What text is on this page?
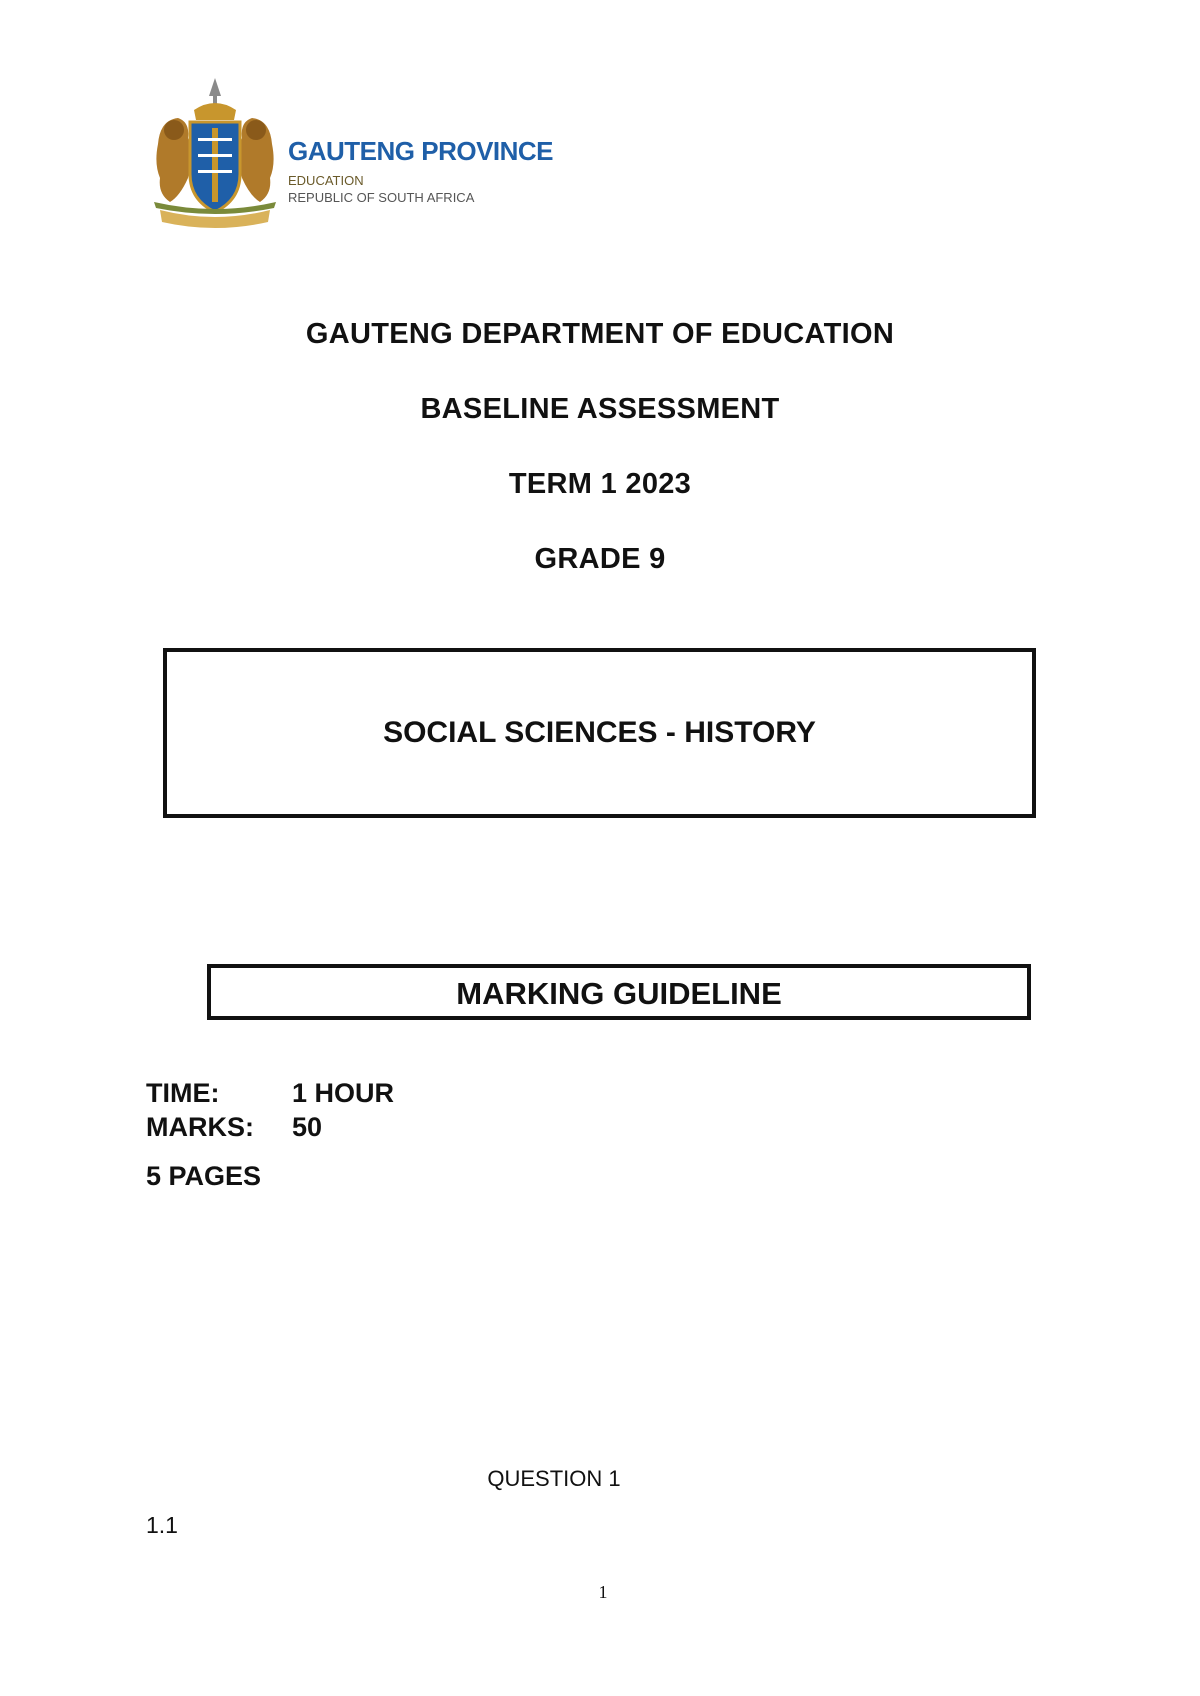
GAUTENG PROVINCE
EDUCATION
REPUBLIC OF SOUTH AFRICA
GAUTENG DEPARTMENT OF EDUCATION
BASELINE ASSESSMENT
TERM 1 2023
GRADE 9
SOCIAL SCIENCES - HISTORY
MARKING GUIDELINE
TIME:	1 HOUR
MARKS: 50
5 PAGES
QUESTION 1
1.1
1
